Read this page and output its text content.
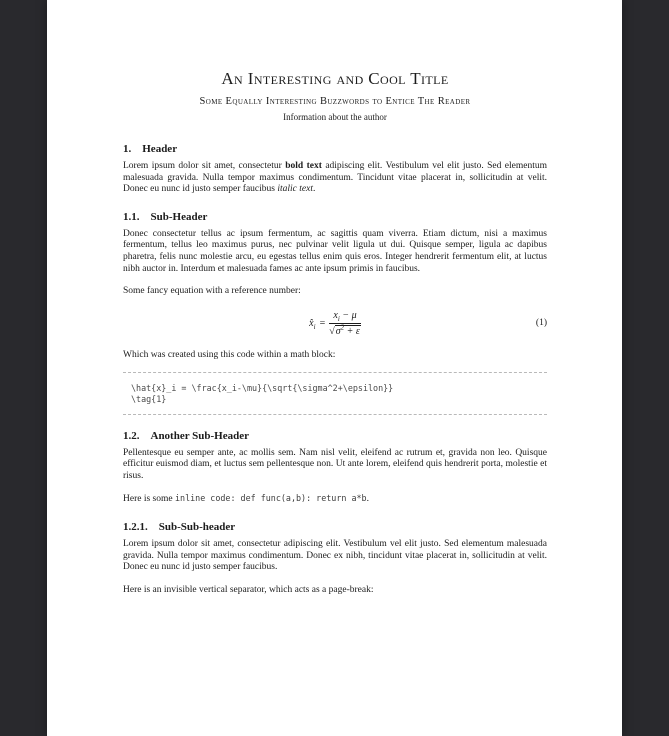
An Interesting and Cool Title
Some Equally Interesting Buzzwords to Entice The Reader
Information about the author
1. Header
Lorem ipsum dolor sit amet, consectetur bold text adipiscing elit. Vestibulum vel elit justo. Sed elementum malesuada gravida. Nulla tempor maximus condimentum. Tincidunt vitae placerat in, sollicitudin at velit. Donec eu nunc id justo semper faucibus italic text.
1.1. Sub-Header
Donec consectetur tellus ac ipsum fermentum, ac sagittis quam viverra. Etiam dictum, nisi a maximus fermentum, tellus leo maximus purus, nec pulvinar velit ligula ut dui. Quisque semper, ligula ac dapibus pharetra, felis nunc molestie arcu, eu egestas tellus enim quis eros. Integer hendrerit fermentum elit, at luctus nibh auctor in. Interdum et malesuada fames ac ante ipsum primis in faucibus.
Some fancy equation with a reference number:
$x̂_i = \frac{x_i - \mu}{√\sigma^2 + \varepsilon}$	(1)
Which was created using this code within a math block:
\hat{x}_i = \frac{x_i-\mu}{\sqrt{\sigma^2+\epsilon}}
\tag{1}
1.2. Another Sub-Header
Pellentesque eu semper ante, ac mollis sem. Nam nisl velit, eleifend ac rutrum et, gravida non leo. Quisque efficitur euismod diam, et luctus sem pellentesque non. Ut ante lorem, eleifend quis hendrerit porta, molestie et risus.
Here is some inline code: def func(a,b): return a*b.
1.2.1. Sub-Sub-header
Lorem ipsum dolor sit amet, consectetur adipiscing elit. Vestibulum vel elit justo. Sed elementum malesuada gravida. Nulla tempor maximus condimentum. Donec ex nibh, tincidunt vitae placerat in, sollicitudin at velit. Donec eu nunc id justo semper faucibus.
Here is an invisible vertical separator, which acts as a page-break:
